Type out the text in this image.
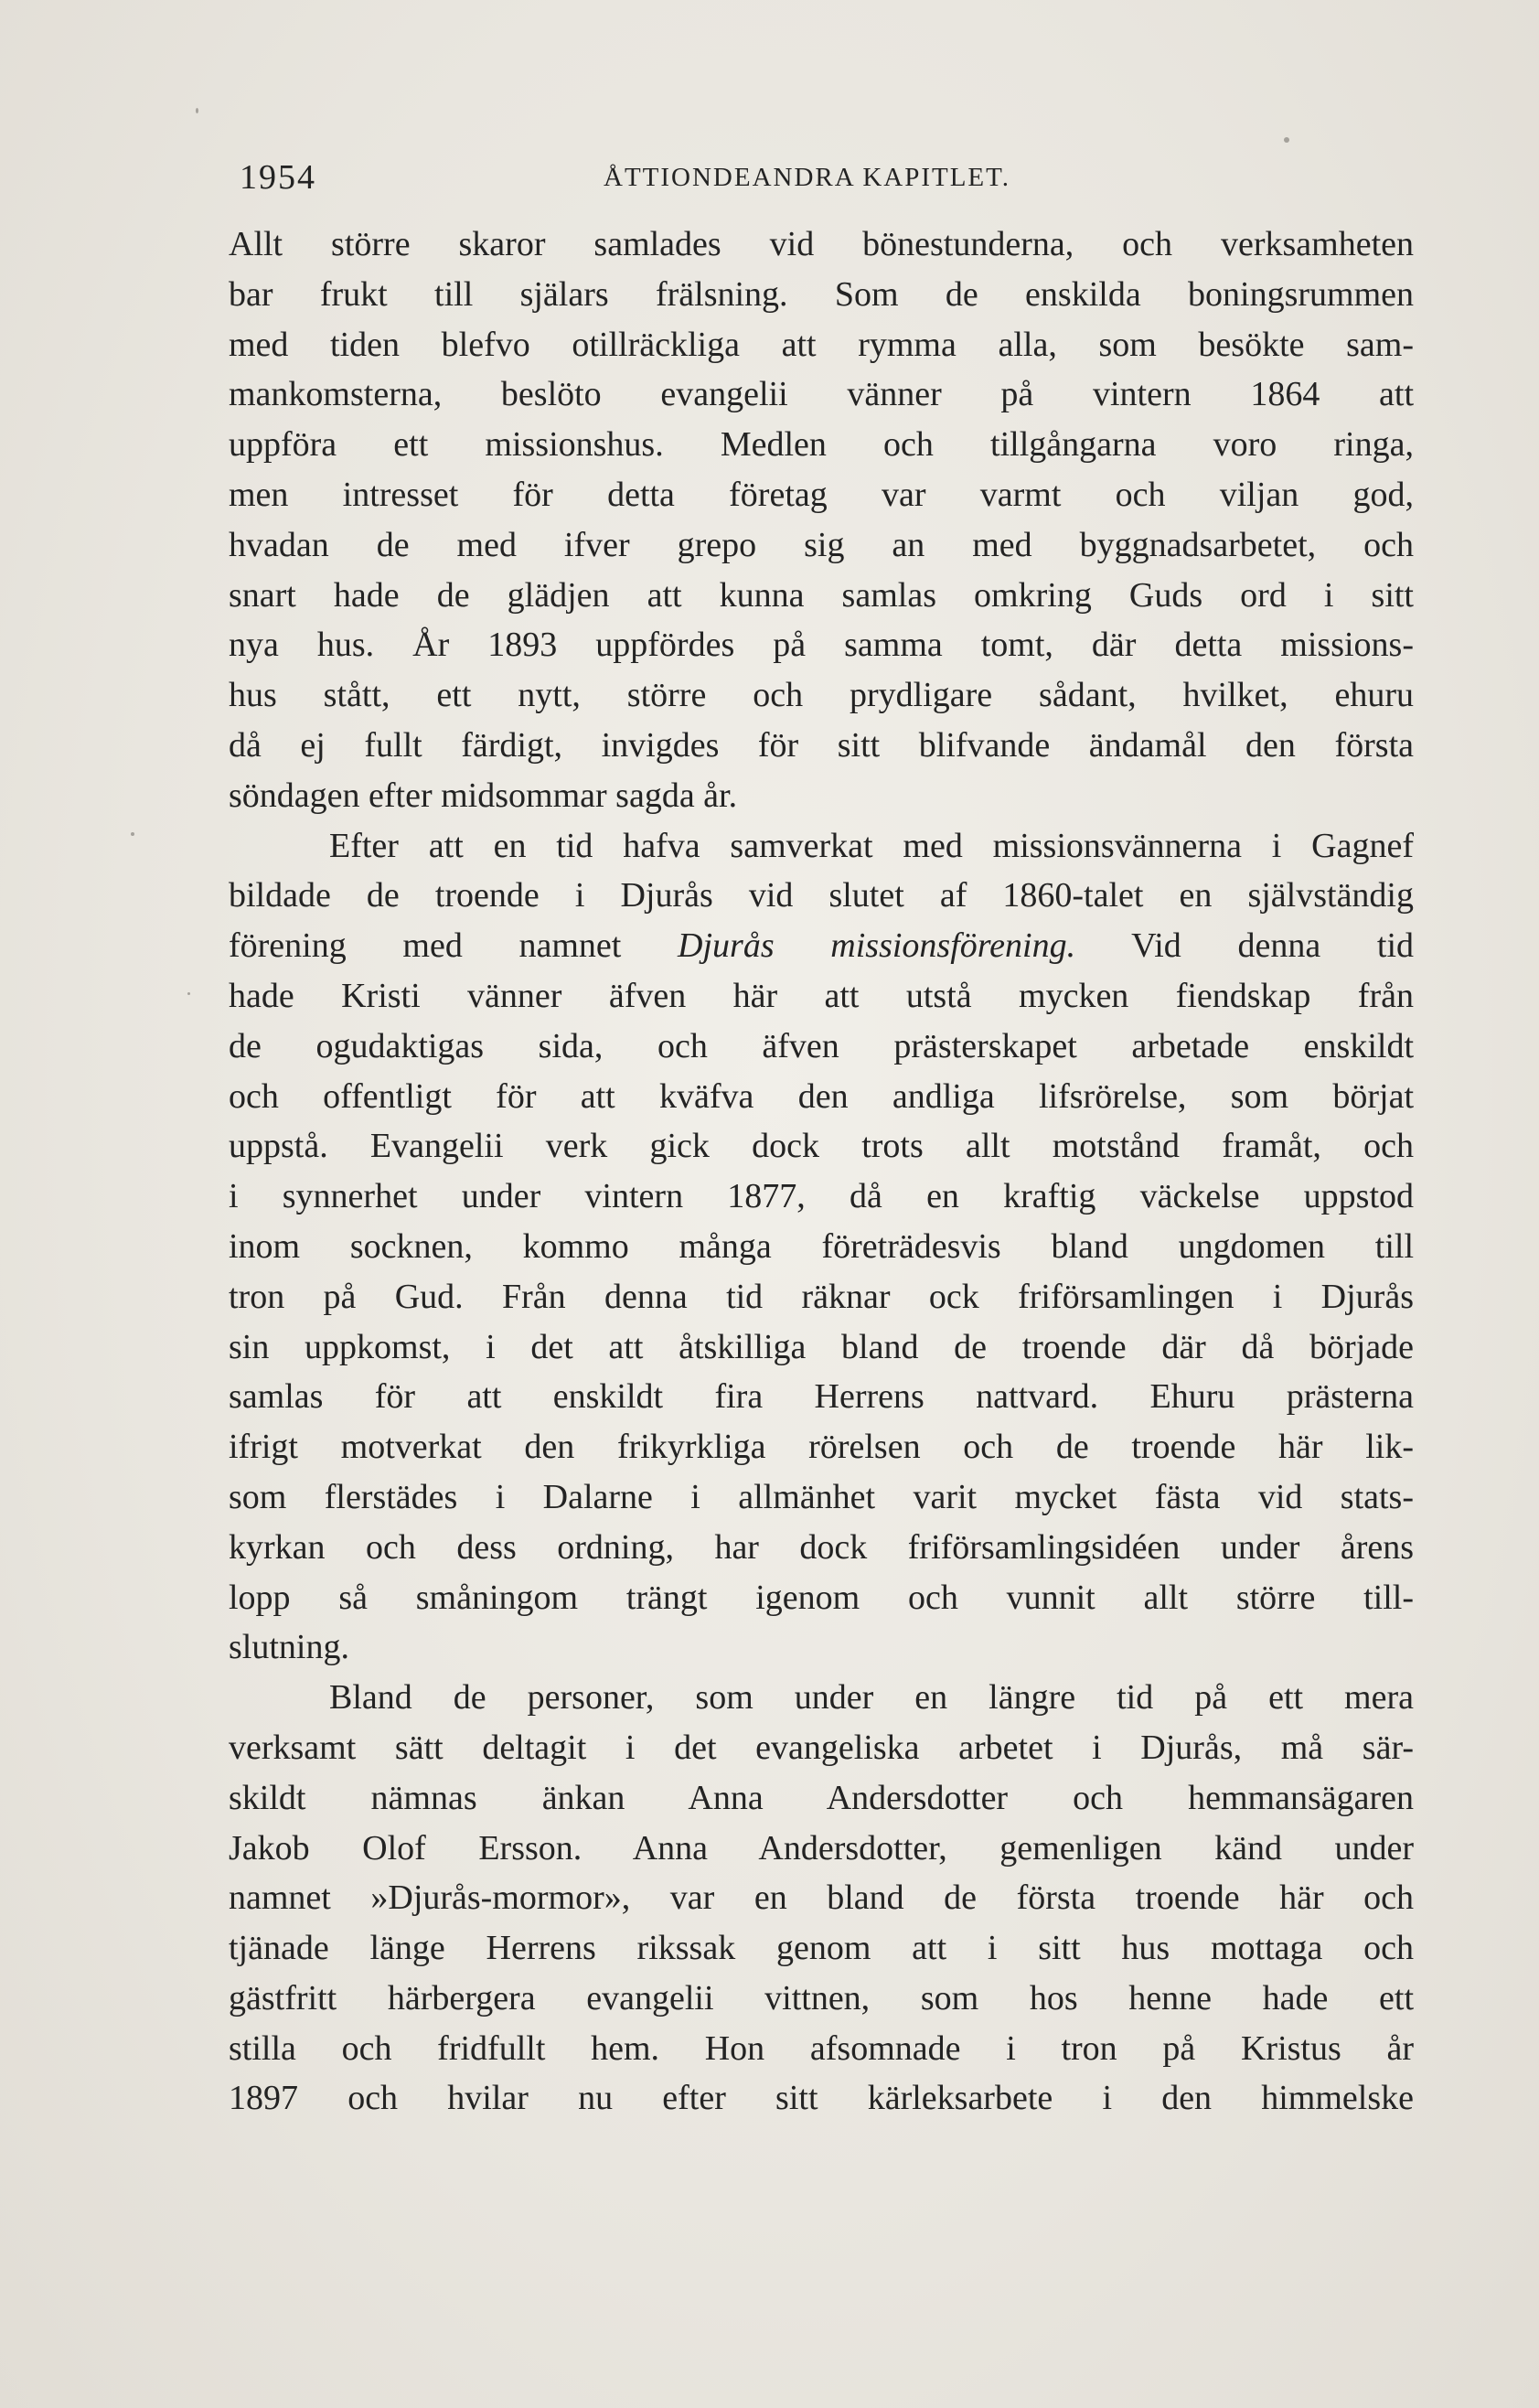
1954	ÅTTIONDEANDRA KAPITLET.
Allt större skaror samlades vid bönestunderna, och verksamheten
bar frukt till själars frälsning. Som de enskilda boningsrummen
med tiden blefvo otillräckliga att rymma alla, som besökte sam-
mankomsterna, beslöto evangelii vänner på vintern 1864 att
uppföra ett missionshus. Medlen och tillgångarna voro ringa,
men intresset för detta företag var varmt och viljan god,
hvadan de med ifver grepo sig an med byggnadsarbetet, och
snart hade de glädjen att kunna samlas omkring Guds ord i sitt
nya hus. År 1893 uppfördes på samma tomt, där detta missions-
hus stått, ett nytt, större och prydligare sådant, hvilket, ehuru
då ej fullt färdigt, invigdes för sitt blifvande ändamål den första
söndagen efter midsommar sagda år.
Efter att en tid hafva samverkat med missionsvännerna i Gagnef
bildade de troende i Djurås vid slutet af 1860-talet en självständig
förening med namnet Djurås missionsförening. Vid denna tid
hade Kristi vänner äfven här att utstå mycken fiendskap från
de ogudaktigas sida, och äfven prästerskapet arbetade enskildt
och offentligt för att kväfva den andliga lifsrörelse, som börjat
uppstå. Evangelii verk gick dock trots allt motstånd framåt, och
i synnerhet under vintern 1877, då en kraftig väckelse uppstod
inom socknen, kommo många företrädesvis bland ungdomen till
tron på Gud. Från denna tid räknar ock friförsamlingen i Djurås
sin uppkomst, i det att åtskilliga bland de troende där då började
samlas för att enskildt fira Herrens nattvard. Ehuru prästerna
ifrigt motverkat den frikyrkliga rörelsen och de troende här lik-
som flerstädes i Dalarne i allmänhet varit mycket fästa vid stats-
kyrkan och dess ordning, har dock friförsamlingsidéen under årens
lopp så småningom trängt igenom och vunnit allt större till-
slutning.
Bland de personer, som under en längre tid på ett mera
verksamt sätt deltagit i det evangeliska arbetet i Djurås, må sär-
skildt nämnas änkan Anna Andersdotter och hemmansägaren
Jakob Olof Ersson. Anna Andersdotter, gemenligen känd under
namnet »Djurås-mormor», var en bland de första troende här och
tjänade länge Herrens rikssak genom att i sitt hus mottaga och
gästfritt härbergera evangelii vittnen, som hos henne hade ett
stilla och fridfullt hem. Hon afsomnade i tron på Kristus år
1897 och hvilar nu efter sitt kärleksarbete i den himmelske
